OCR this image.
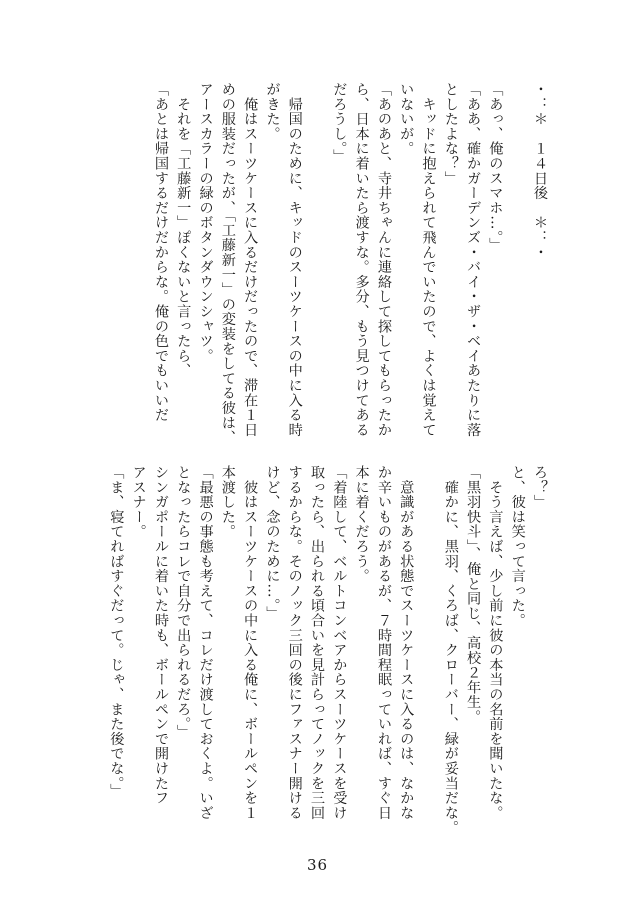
・：＊　１４日後　＊：・

「あっ、俺のスマホ…。」
「ああ、確かガーデンズ・バイ・ザ・ベイあたりに落
としたよな？」
　キッドに抱えられて飛んでいたので、よくは覚えて
いないが。
「あのあと、寺井ちゃんに連絡して探してもらったか
ら、日本に着いたら渡すな。多分、もう見つけてある
だろうし。」

　帰国のために、キッドのスーツケースの中に入る時
がきた。
　俺はスーツケースに入るだけだったので、滞在１日
めの服装だったが、「工藤新一」の変装をしてる彼は、
アースカラーの緑のボタンダウンシャツ。
　それを「工藤新一」ぽくないと言ったら、
「あとは帰国するだけだからな。俺の色でもいいだ
ろ？」
と、彼は笑って言った。
　そう言えば、少し前に彼の本当の名前を聞いたな。
「黒羽快斗」、俺と同じ、高校２年生。
　確かに、黒羽、くろば、クローバー、緑が妥当だな。

　意識がある状態でスーツケースに入るのは、なかな
か辛いものがあるが、７時間程眠っていれば、すぐ日
本に着くだろう。
「着陸して、ベルトコンベアからスーツケースを受け
取ったら、出られる頃合いを見計らってノックを三回
するからな。そのノック三回の後にファスナー開ける
けど、念のために…。」
　彼はスーツケースの中に入る俺に、ボールペンを１
本渡した。
「最悪の事態も考えて、コレだけ渡しておくよ。いざ
となったらコレで自分で出られるだろ。」
シンガポールに着いた時も、ボールペンで開けたフ
アスナー。
「ま、寝てればすぐだって。じゃ、また後でな。」
36
